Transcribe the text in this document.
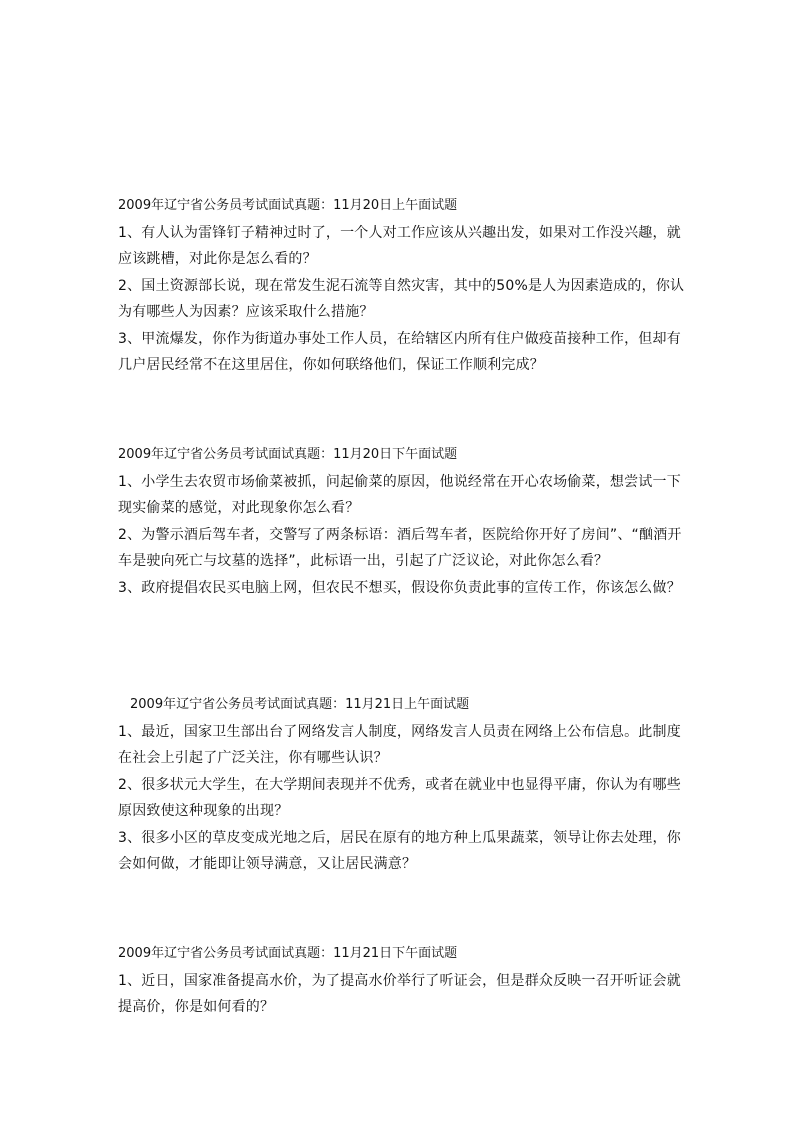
2009年辽宁省公务员考试面试真题：11月20日上午面试题
1、有人认为雷锋钉子精神过时了，一个人对工作应该从兴趣出发，如果对工作没兴趣，就
应该跳槽，对此你是怎么看的？
2、国土资源部长说，现在常发生泥石流等自然灾害，其中的50%是人为因素造成的，你认
为有哪些人为因素？应该采取什么措施？
3、甲流爆发，你作为街道办事处工作人员，在给辖区内所有住户做疫苗接种工作，但却有
几户居民经常不在这里居住，你如何联络他们，保证工作顺利完成？
2009年辽宁省公务员考试面试真题：11月20日下午面试题
1、小学生去农贸市场偷菜被抓，问起偷菜的原因，他说经常在开心农场偷菜，想尝试一下
现实偷菜的感觉，对此现象你怎么看？
2、为警示酒后驾车者，交警写了两条标语：酒后驾车者，医院给你开好了房间”、“酗酒开
车是驶向死亡与坟墓的选择”，此标语一出，引起了广泛议论，对此你怎么看？
3、政府提倡农民买电脑上网，但农民不想买，假设你负责此事的宣传工作，你该怎么做？
2009年辽宁省公务员考试面试真题：11月21日上午面试题
1、最近，国家卫生部出台了网络发言人制度，网络发言人员责在网络上公布信息。此制度
在社会上引起了广泛关注，你有哪些认识？
2、很多状元大学生，在大学期间表现并不优秀，或者在就业中也显得平庸，你认为有哪些
原因致使这种现象的出现？
3、很多小区的草皮变成光地之后，居民在原有的地方种上瓜果蔬菜，领导让你去处理，你
会如何做，才能即让领导满意，又让居民满意？
2009年辽宁省公务员考试面试真题：11月21日下午面试题
1、近日，国家准备提高水价，为了提高水价举行了听证会，但是群众反映一召开听证会就
提高价，你是如何看的？
